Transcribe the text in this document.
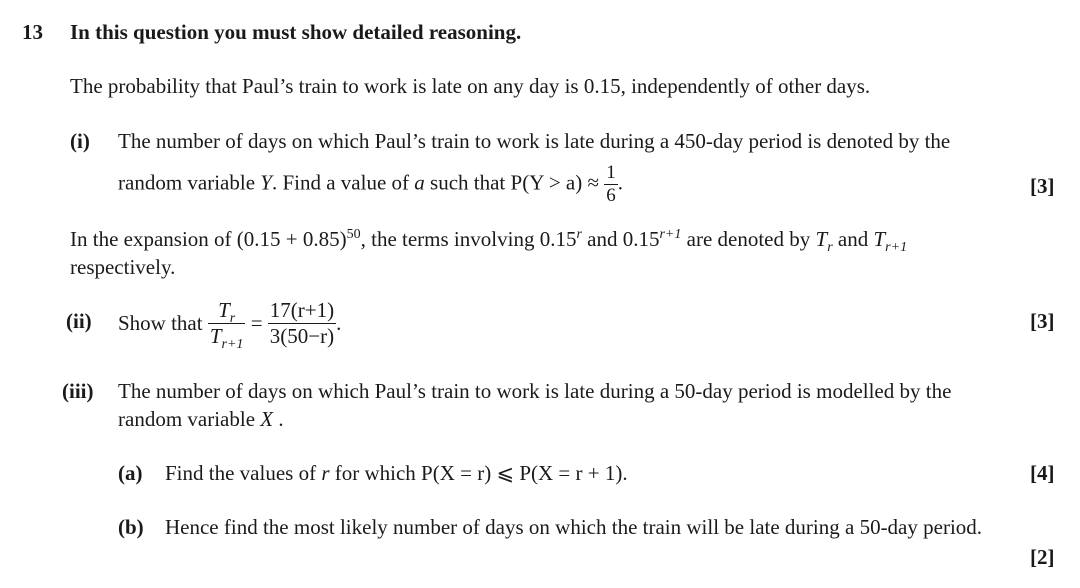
13 In this question you must show detailed reasoning.
The probability that Paul’s train to work is late on any day is 0.15, independently of other days.
(i) The number of days on which Paul’s train to work is late during a 450-day period is denoted by the
random variable Y. Find a value of a such that $P(Y > a) \approx \frac{1}{6}$ .	[3]
In the expansion of $(0.15 + 0.85)^{50}$, the terms involving 0.15$^r$ and $0.15^{r+1}$ are denoted by $T_r$ and $T_{r+1}$
respectively.
(ii) Show that
$\frac{T_r}{T_{r+1}}$
=
$\frac{17(r+1)}{3(50-r)}$ .	[3]
(iii) The number of days on which Paul’s train to work is late during a 50-day period is modelled by the
random variable X .
(a) Find the values of r for which P(X = r) ⩽ P(X = r + 1).	[4]
(b) Hence find the most likely number of days on which the train will be late during a 50-day period.
[2]
